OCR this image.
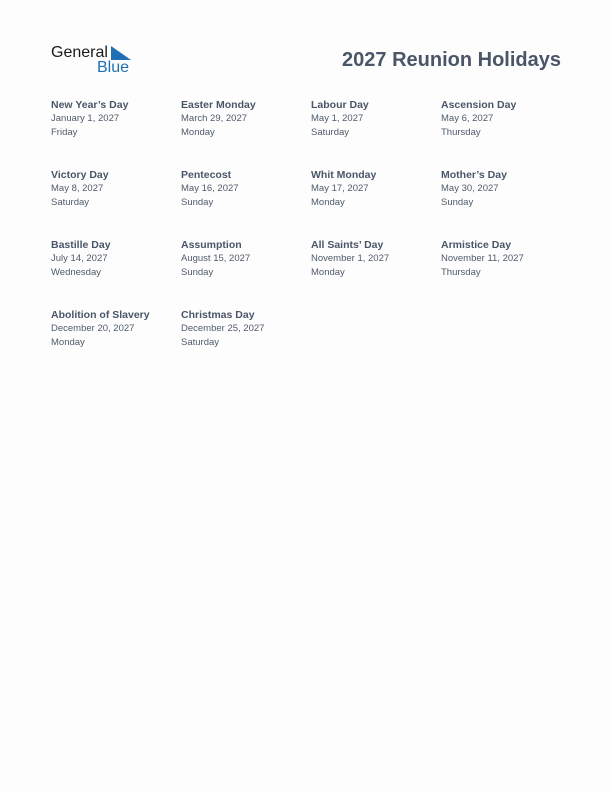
General
Blue	2027 Reunion Holidays
New Year’s Day
January 1, 2027
Friday
Easter Monday
March 29, 2027
Monday
Labour Day
May 1, 2027
Saturday
Ascension Day
May 6, 2027
Thursday
Victory Day
May 8, 2027
Saturday
Pentecost
May 16, 2027
Sunday
Whit Monday
May 17, 2027
Monday
Mother’s Day
May 30, 2027
Sunday
Bastille Day
July 14, 2027
Wednesday
Assumption
August 15, 2027
Sunday
All Saints’ Day
November 1, 2027
Monday
Armistice Day
November 11, 2027
Thursday
Abolition of Slavery
December 20, 2027
Monday
Christmas Day
December 25, 2027
Saturday
